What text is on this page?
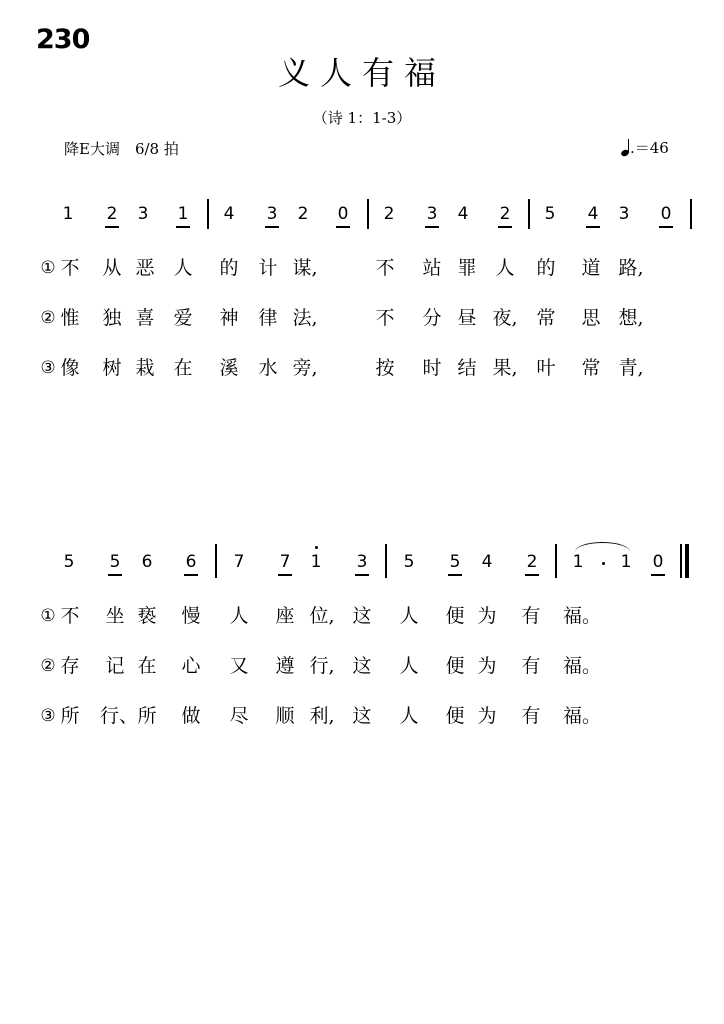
230
义人有福
（诗 1：1-3）
降E大调　6/8 拍	.＝46
1	2	3	1	4	3	2	0	2	3	4	2	5	4	3	0
① 不 从 恶 人 的 计 谋,	不 站 罪 人 的 道 路,
② 惟 独 喜 爱 神 律 法,	不 分 昼 夜, 常 思 想,
③ 像 树 栽 在 溪 水 旁,	按 时 结 果, 叶 常 青,
5	5	6	6	7	7	1	3	5	5	4	2	1	1	0
① 不 坐 亵 慢 人 座 位, 这 人 便 为 有 福。
② 存 记 在 心 又 遵 行, 这 人 便 为 有 福。
③ 所 行、 所 做 尽 顺 利, 这 人 便 为 有 福。
